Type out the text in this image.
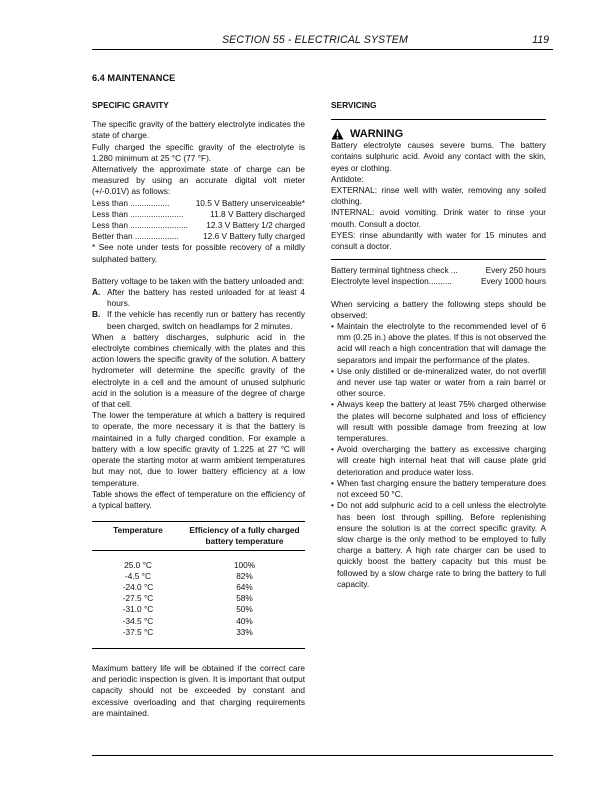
SECTION 55 - ELECTRICAL SYSTEM	119
6.4 MAINTENANCE
SPECIFIC GRAVITY

The specific gravity of the battery electrolyte indicates the state of charge.

Fully charged the specific gravity of the electrolyte is 1.280 minimum at 25 °C (77 °F).

Alternatively the approximate state of charge can be measured by using an accurate digital volt meter (+/-0.01V) as follows:

Less than .................	10.5 V Battery unserviceable*
Less than .......................	11.8 V Battery discharged
Less than ......................... 12.3 V Battery 1/2 charged
Better than ...................	12.6 V Battery fully charged

* See note under tests for possible recovery of a mildly sulphated battery.

Battery voltage to be taken with the battery unloaded and:

A. After the battery has rested unloaded for at least 4 hours.
B. If the vehicle has recently run or battery has recently been charged, switch on headlamps for 2 minutes.

When a battery discharges, sulphuric acid in the electrolyte combines chemically with the plates and this action lowers the specific gravity of the solution. A battery hydrometer will determine the specific gravity of the electrolyte in a cell and the amount of unused sulphuric acid in the solution is a measure of the degree of charge of that cell.

The lower the temperature at which a battery is required to operate, the more necessary it is that the battery is maintained in a fully charged condition. For example a battery with a low specific gravity of 1.225 at 27 °C will operate the starting motor at warm ambient temperatures but may not, due to lower battery efficiency at a low temperature.

Table shows the effect of temperature on the efficiency of a typical battery.

Temperature	Efficiency of a fully charged battery temperature
25.0 °C	100%
-4.5 °C	82%
-24.0 °C	64%
-27.5 °C	58%
-31.0 °C	50%
-34.5 °C	40%
-37.5 °C	33%

Maximum battery life will be obtained if the correct care and periodic inspection is given. It is important that output capacity should not be exceeded by constant and excessive overloading and that charging requirements are maintained.

SERVICING
WARNING

Battery electrolyte causes severe burns. The battery contains sulphuric acid. Avoid any contact with the skin, eyes or clothing.

Antidote:

EXTERNAL: rinse well with water, removing any soiled clothing.

INTERNAL: avoid vomiting. Drink water to rinse your mouth. Consult a doctor.

EYES: rinse abundantly with water for 15 minutes and consult a doctor.

Battery terminal tightness check ...	Every 250 hours
Electrolyte level inspection..........	Every 1000 hours

When servicing a battery the following steps should be observed:

• Maintain the electrolyte to the recommended level of 6 mm (0.25 in.) above the plates. If this is not observed the acid will reach a high concentration that will damage the separators and impair the performance of the plates.
• Use only distilled or de-mineralized water, do not overfill and never use tap water or water from a rain barrel or other source.
• Always keep the battery at least 75% charged otherwise the plates will become sulphated and loss of efficiency will result with possible damage from freezing at low temperatures.
• Avoid overcharging the battery as excessive charging will create high internal heat that will cause plate grid deterioration and produce water loss.
• When fast charging ensure the battery temperature does not exceed 50 °C.
• Do not add sulphuric acid to a cell unless the electrolyte has been lost through spilling. Before replenishing ensure the solution is at the correct specific gravity. A slow charge is the only method to be employed to fully charge a battery. A high rate charger can be used to quickly boost the battery capacity but this must be followed by a slow charge rate to bring the battery to full capacity.
